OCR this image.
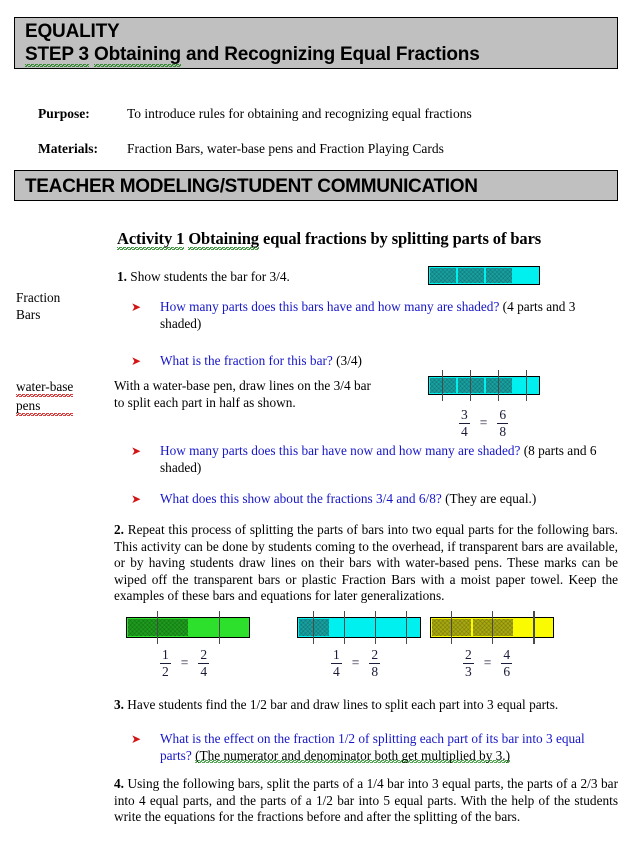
EQUALITY
STEP 3 Obtaining and Recognizing Equal Fractions
Purpose:	To introduce rules for obtaining and recognizing equal fractions
Materials: Fraction Bars, water-base pens and Fraction Playing Cards
TEACHER MODELING/STUDENT COMMUNICATION
Activity 1 Obtaining equal fractions by splitting parts of bars
Fraction
Bars
water-base
pens
1. Show students the bar for 3/4.
➤ How many parts does this bars have and how many are shaded? (4 parts and 3 shaded)
➤ What is the fraction for this bar? (3/4)
With a water-base pen, draw lines on the 3/4 bar
to split each part in half as shown.
$\frac{3}{4} = \frac{6}{8}$
➤ How many parts does this bar have now and how many are shaded? (8 parts and 6 shaded)
➤ What does this show about the fractions 3/4 and 6/8? (They are equal.)
2. Repeat this process of splitting the parts of bars into two equal parts for the following bars. This activity can be done by students coming to the overhead, if transparent bars are available, or by having students draw lines on their bars with water-based pens. These marks can be wiped off the transparent bars or plastic Fraction Bars with a moist paper towel. Keep the examples of these bars and equations for later generalizations.
$\frac{1}{2} = \frac{2}{4}$	$\frac{1}{4} = \frac{2}{8}$	$\frac{2}{3} = \frac{4}{6}$
3. Have students find the 1/2 bar and draw lines to split each part into 3 equal parts.
➤ What is the effect on the fraction 1/2 of splitting each part of its bar into 3 equal parts? (The numerator and denominator both get multiplied by 3.)
4. Using the following bars, split the parts of a 1/4 bar into 3 equal parts, the parts of a 2/3 bar into 4 equal parts, and the parts of a 1/2 bar into 5 equal parts. With the help of the students write the equations for the fractions before and after the splitting of the bars.
